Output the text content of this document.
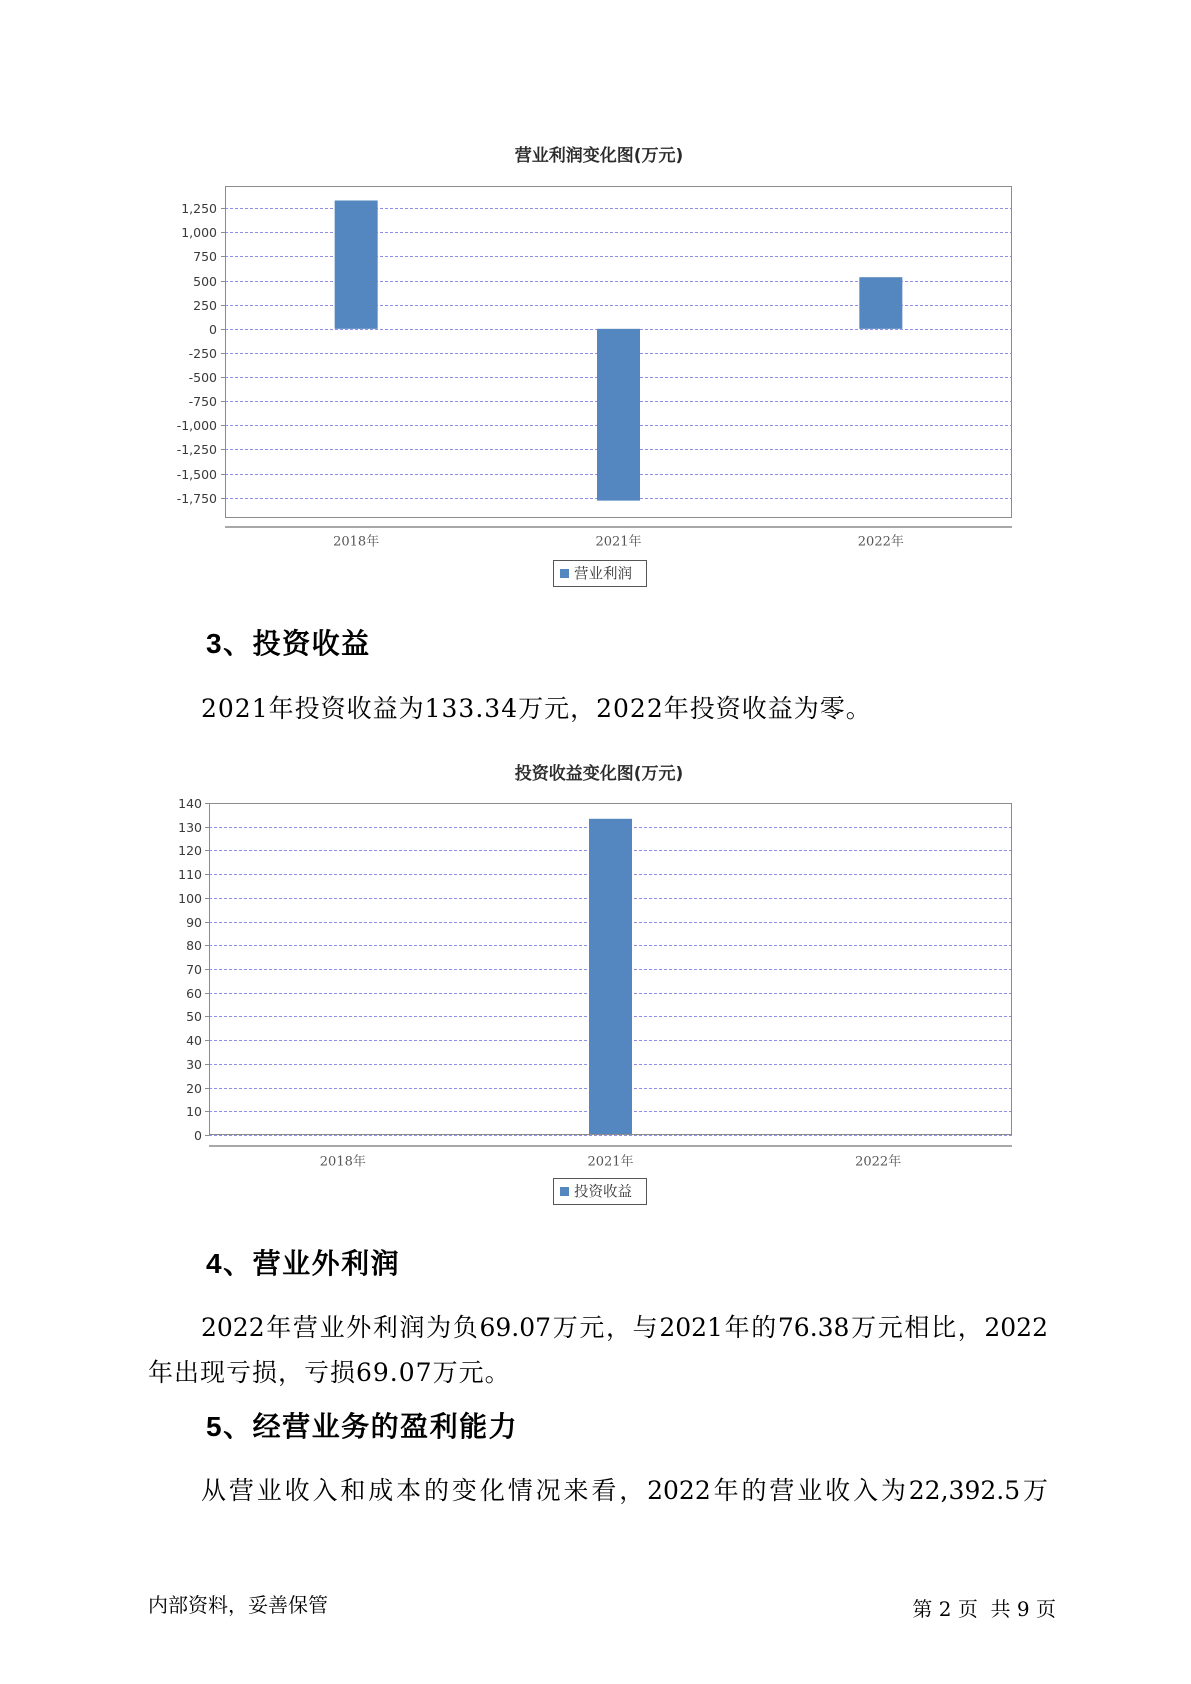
营业利润变化图(万元)
1,250
1,000
750
500
250
0
-250
-500
-750
-1,000
-1,250
-1,500
-1,750
2018年	2021年	2022年
营业利润
3、投资收益
2021年投资收益为133.34万元，2022年投资收益为零。
投资收益变化图(万元)
140
130
120
110
100
90
80
70
60
50
40
30
20
10
0
2018年	2021年	2022年
投资收益
4、营业外利润
2022年营业外利润为负69.07万元，与2021年的76.38万元相比，2022
年出现亏损，亏损69.07万元。
5、经营业务的盈利能力
从营业收入和成本的变化情况来看，2022年的营业收入为22,392.5万
内部资料，妥善保管	第 2 页  共 9 页
